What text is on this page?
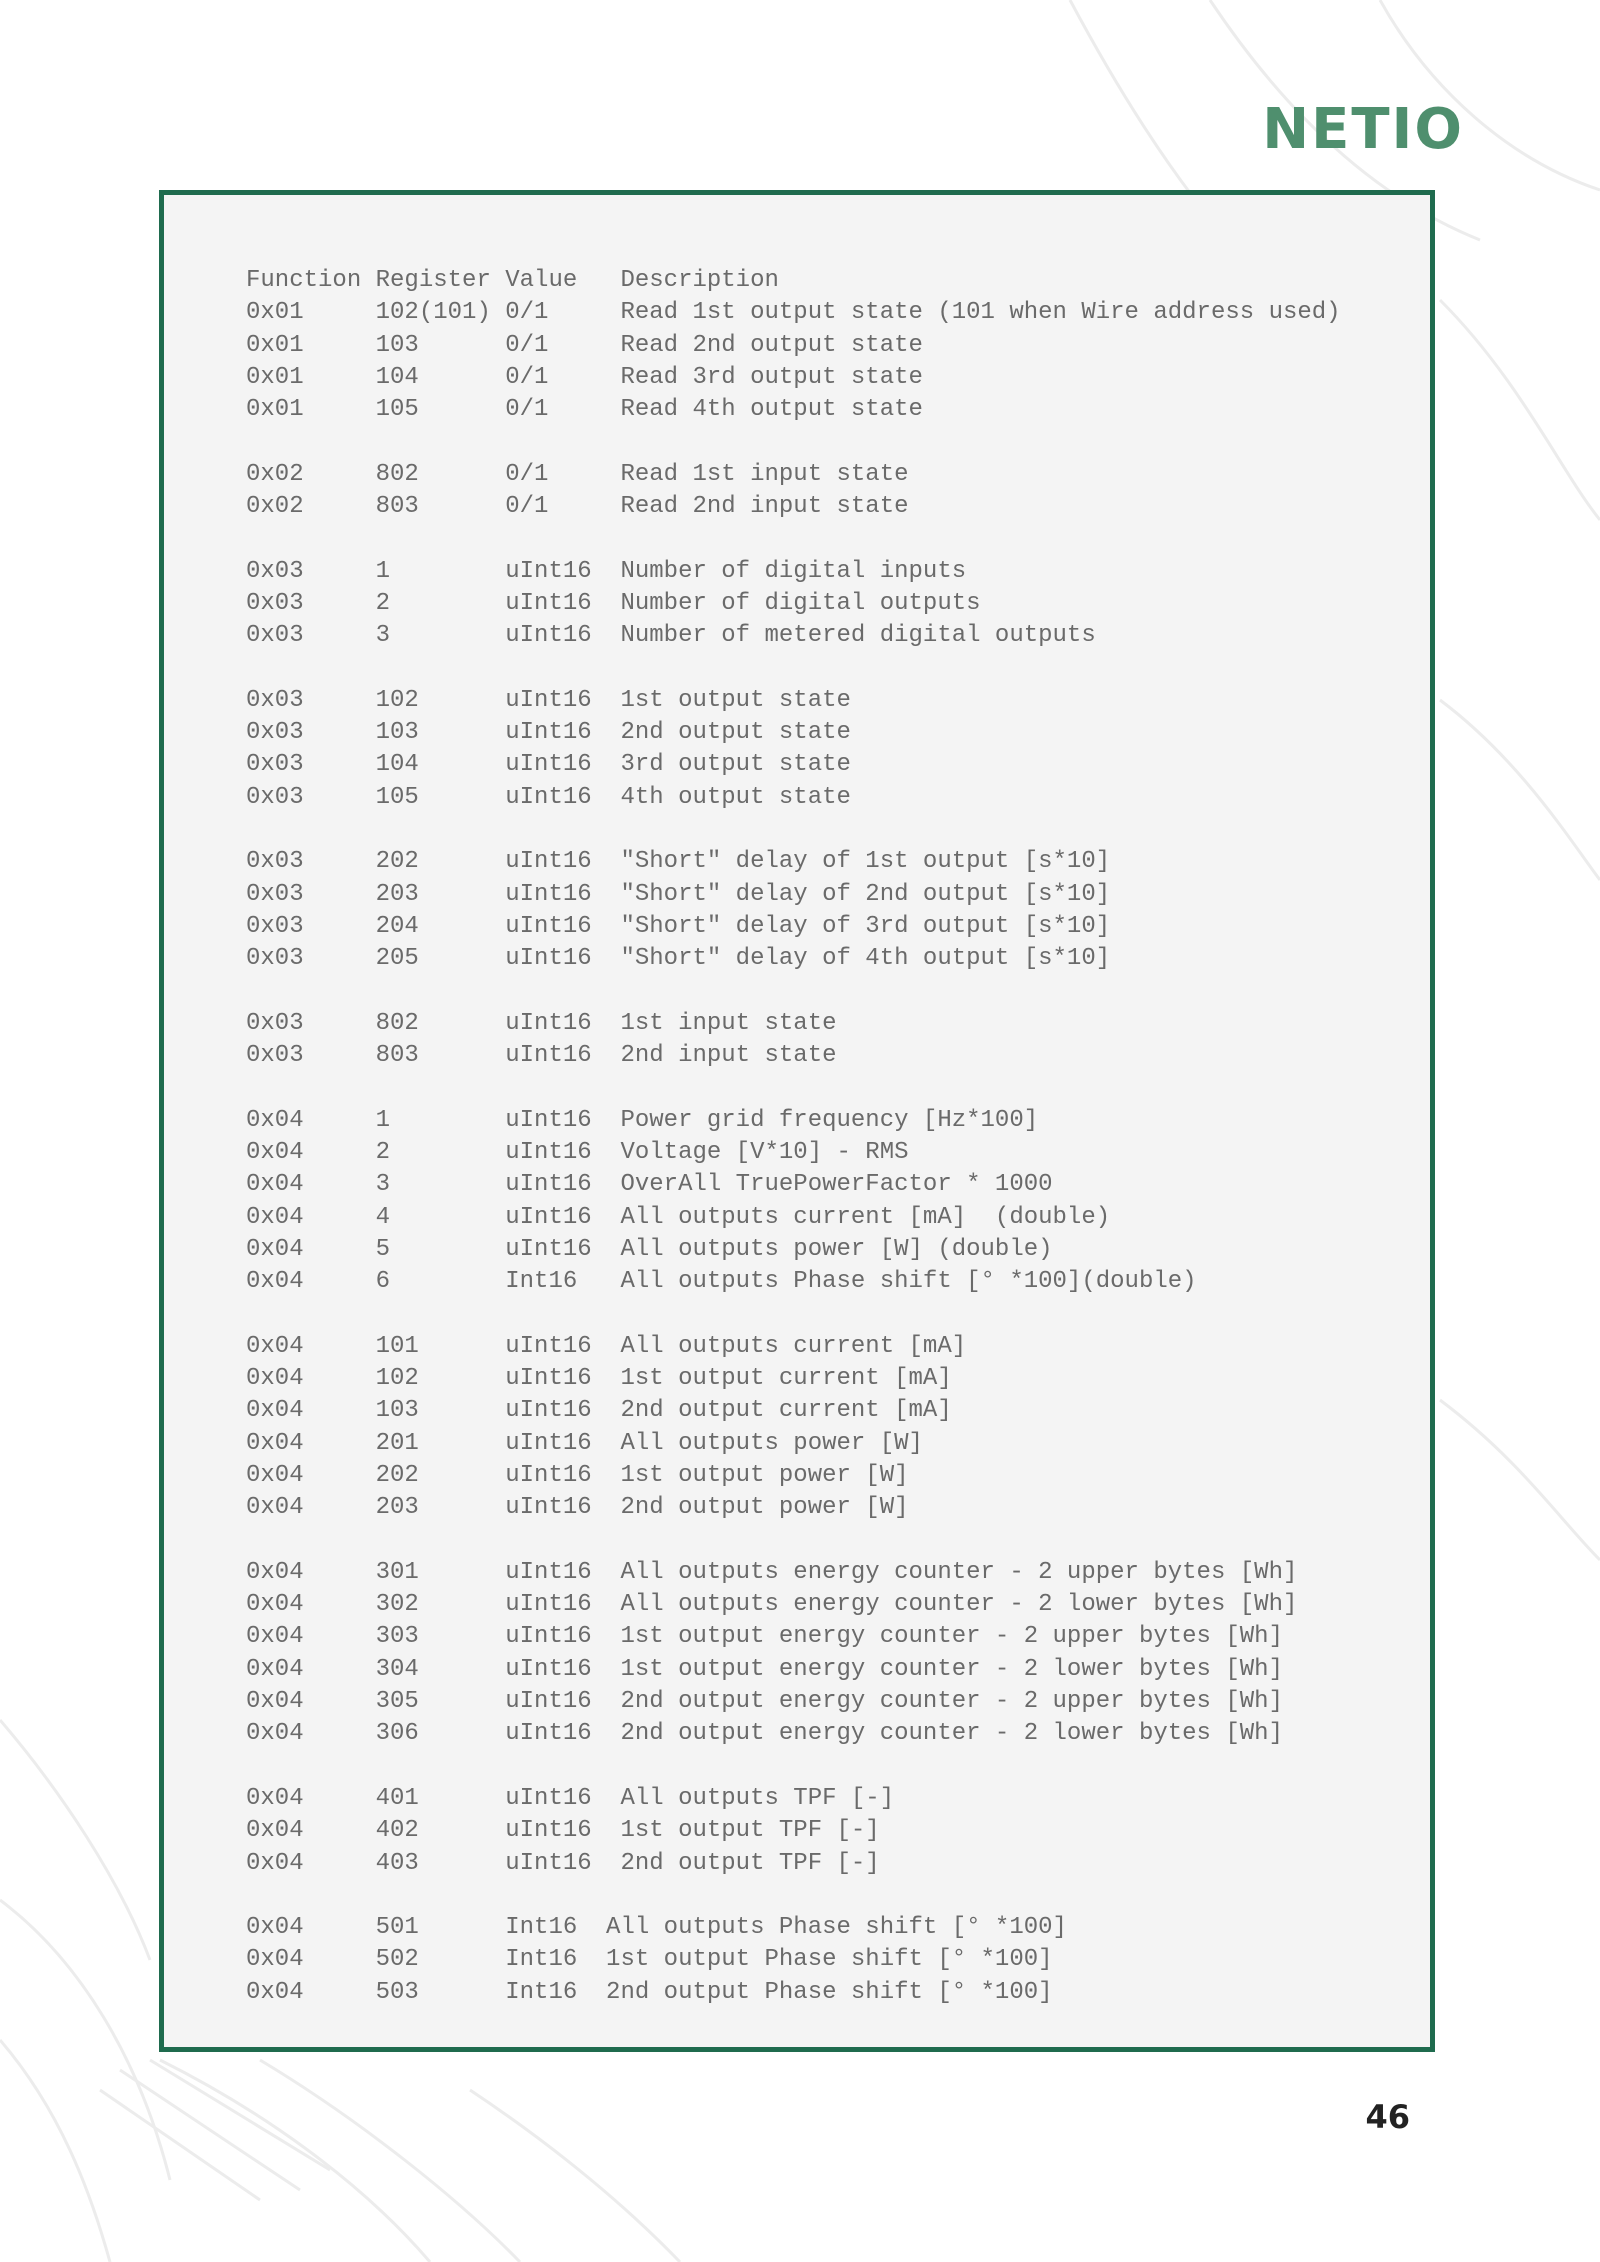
NETIO
Function Register Value   Description
0x01     102(101) 0/1     Read 1st output state (101 when Wire address used)
0x01     103      0/1     Read 2nd output state
0x01     104      0/1     Read 3rd output state
0x01     105      0/1     Read 4th output state
0x02     802      0/1     Read 1st input state
0x02     803      0/1     Read 2nd input state
0x03     1        uInt16  Number of digital inputs
0x03     2        uInt16  Number of digital outputs
0x03     3        uInt16  Number of metered digital outputs
0x03     102      uInt16  1st output state
0x03     103      uInt16  2nd output state
0x03     104      uInt16  3rd output state
0x03     105      uInt16  4th output state
0x03     202      uInt16  "Short" delay of 1st output [s*10]
0x03     203      uInt16  "Short" delay of 2nd output [s*10]
0x03     204      uInt16  "Short" delay of 3rd output [s*10]
0x03     205      uInt16  "Short" delay of 4th output [s*10]
0x03     802      uInt16  1st input state
0x03     803      uInt16  2nd input state
0x04     1        uInt16  Power grid frequency [Hz*100]
0x04     2        uInt16  Voltage [V*10] - RMS
0x04     3        uInt16  OverAll TruePowerFactor * 1000
0x04     4        uInt16  All outputs current [mA]  (double)
0x04     5        uInt16  All outputs power [W] (double)
0x04     6        Int16   All outputs Phase shift [° *100](double)
0x04     101      uInt16  All outputs current [mA]
0x04     102      uInt16  1st output current [mA]
0x04     103      uInt16  2nd output current [mA]
0x04     201      uInt16  All outputs power [W]
0x04     202      uInt16  1st output power [W]
0x04     203      uInt16  2nd output power [W]
0x04     301      uInt16  All outputs energy counter - 2 upper bytes [Wh]
0x04     302      uInt16  All outputs energy counter - 2 lower bytes [Wh]
0x04     303      uInt16  1st output energy counter - 2 upper bytes [Wh]
0x04     304      uInt16  1st output energy counter - 2 lower bytes [Wh]
0x04     305      uInt16  2nd output energy counter - 2 upper bytes [Wh]
0x04     306      uInt16  2nd output energy counter - 2 lower bytes [Wh]
0x04     401      uInt16  All outputs TPF [-]
0x04     402      uInt16  1st output TPF [-]
0x04     403      uInt16  2nd output TPF [-]
0x04     501      Int16  All outputs Phase shift [° *100]
0x04     502      Int16  1st output Phase shift [° *100]
0x04     503      Int16  2nd output Phase shift [° *100]
46
